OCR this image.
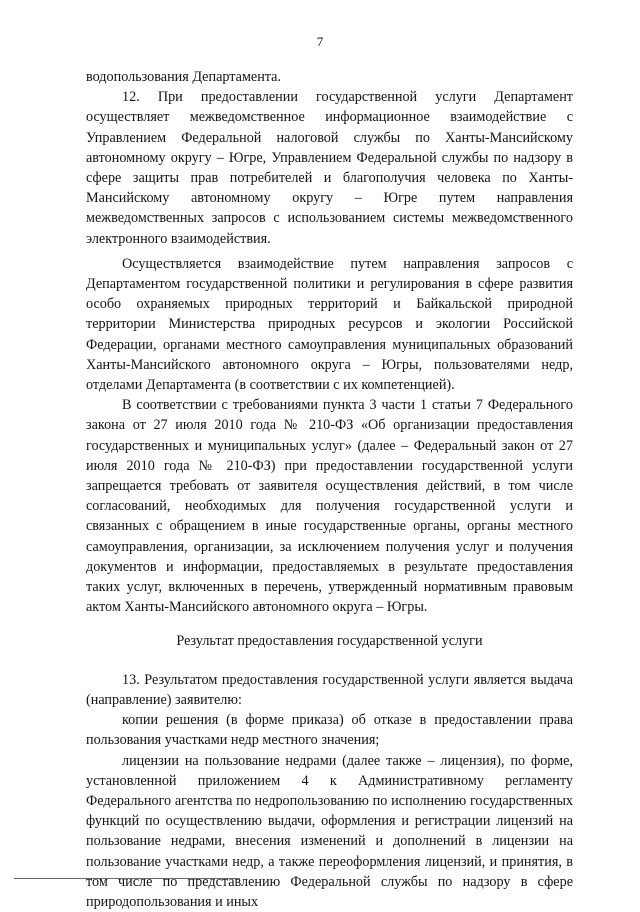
7

водопользования Департамента.

12. При предоставлении государственной услуги Департамент осуществляет межведомственное информационное взаимодействие с Управлением Федеральной налоговой службы по Ханты-Мансийскому автономному округу – Югре, Управлением Федеральной службы по надзору в сфере защиты прав потребителей и благополучия человека по Ханты-Мансийскому автономному округу – Югре путем направления межведомственных запросов с использованием системы межведомственного электронного взаимодействия.

Осуществляется взаимодействие путем направления запросов с Департаментом государственной политики и регулирования в сфере развития особо охраняемых природных территорий и Байкальской природной территории Министерства природных ресурсов и экологии Российской Федерации, органами местного самоуправления муниципальных образований Ханты-Мансийского автономного округа – Югры, пользователями недр, отделами Департамента (в соответствии с их компетенцией).

В соответствии с требованиями пункта 3 части 1 статьи 7 Федерального закона от 27 июля 2010 года № 210-ФЗ «Об организации предоставления государственных и муниципальных услуг» (далее – Федеральный закон от 27 июля 2010 года № 210-ФЗ) при предоставлении государственной услуги запрещается требовать от заявителя осуществления действий, в том числе согласований, необходимых для получения государственной услуги и связанных с обращением в иные государственные органы, органы местного самоуправления, организации, за исключением получения услуг и получения документов и информации, предоставляемых в результате предоставления таких услуг, включенных в перечень, утвержденный нормативным правовым актом Ханты-Мансийского автономного округа – Югры.

Результат предоставления государственной услуги

13. Результатом предоставления государственной услуги является выдача (направление) заявителю:

копии решения (в форме приказа) об отказе в предоставлении права пользования участками недр местного значения;

лицензии на пользование недрами (далее также – лицензия), по форме, установленной приложением 4 к Административному регламенту Федерального агентства по недропользованию по исполнению государственных функций по осуществлению выдачи, оформления и регистрации лицензий на пользование недрами, внесения изменений и дополнений в лицензии на пользование участками недр, а также переоформления лицензий, и принятия, в том числе по представлению Федеральной службы по надзору в сфере природопользования и иных
